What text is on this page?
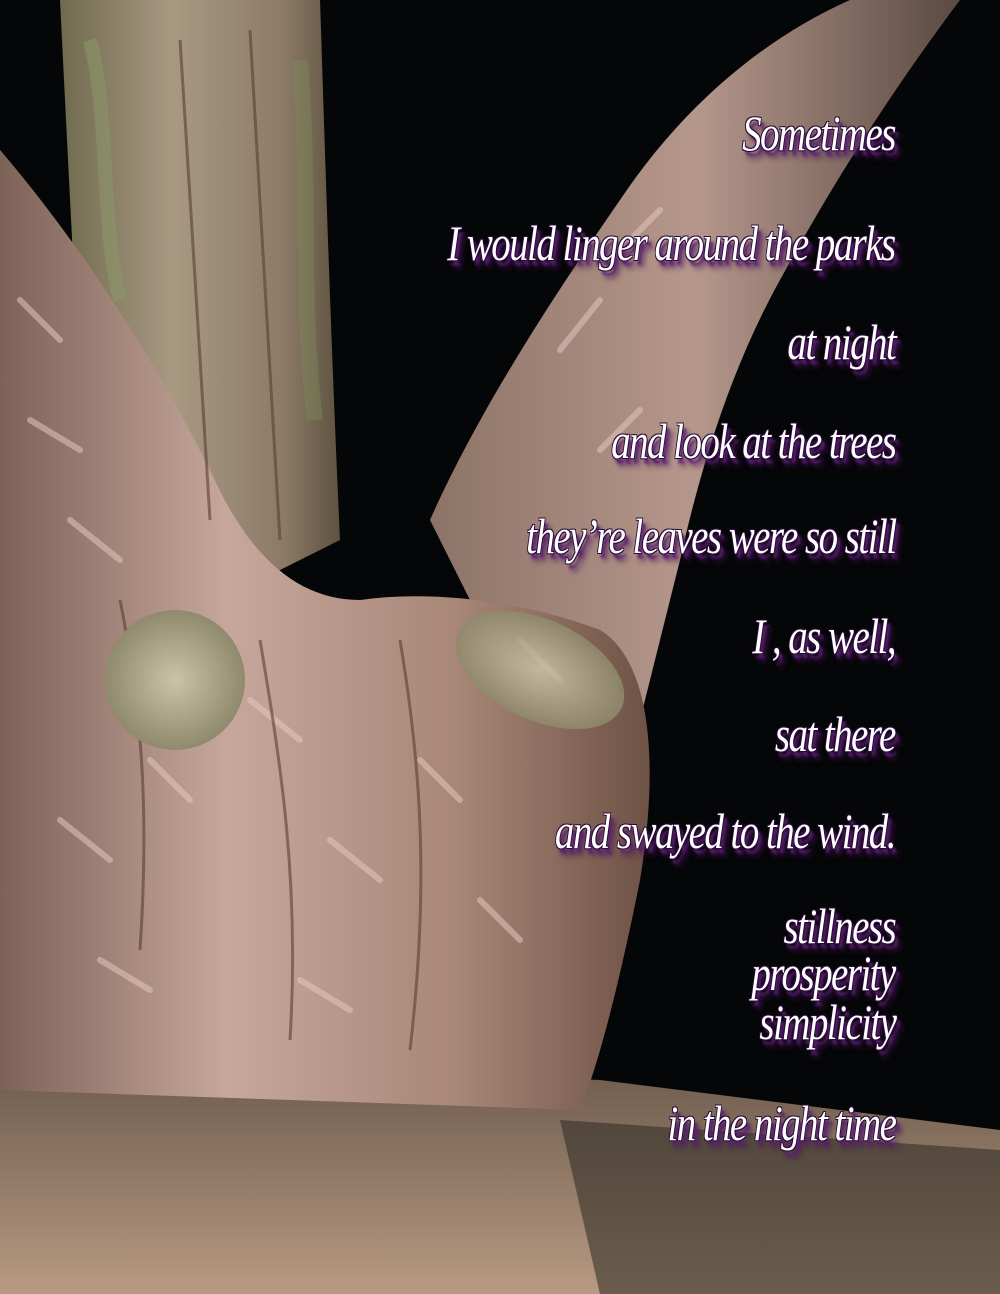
Sometimes
I would linger around the parks
at night
and look at the trees
they’re leaves were so still
I , as well,
sat there
and swayed to the wind.
stillness
prosperity
simplicity
in the night time
